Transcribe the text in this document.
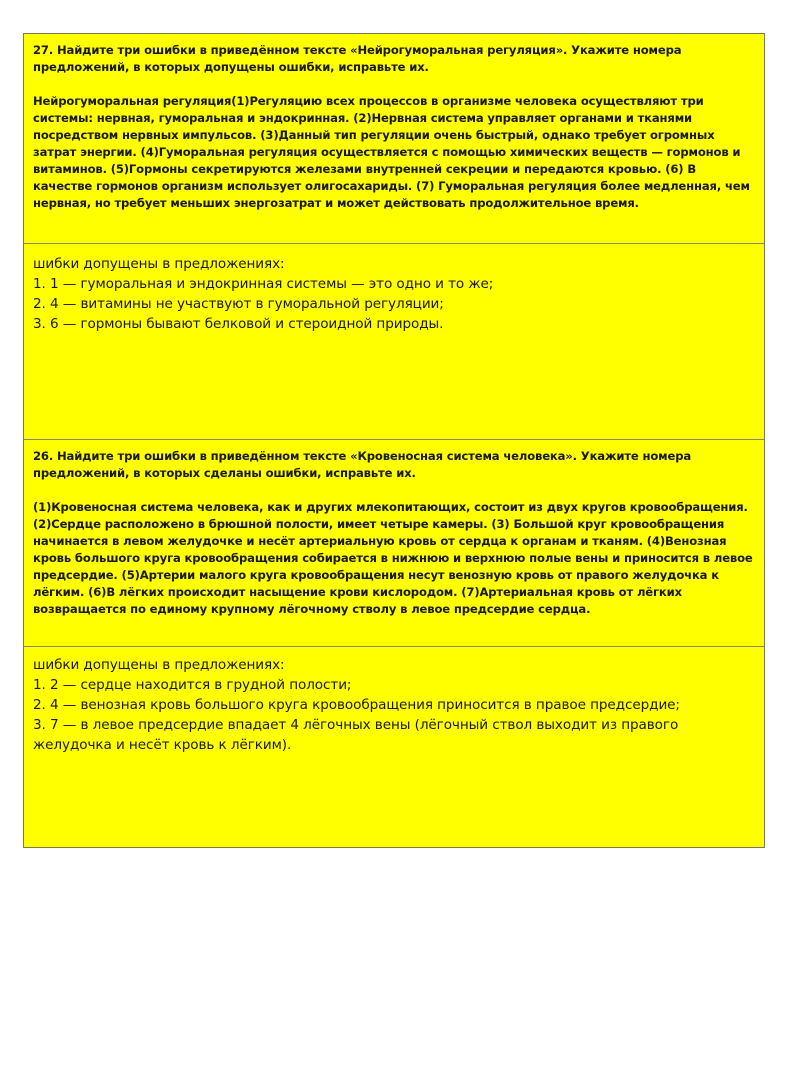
27. Найдите три ошибки в приведённом тексте «Нейрогуморальная регуляция». Укажите номера предложений, в которых допущены ошибки, исправьте их.

Нейрогуморальная регуляция(1)Регуляцию всех процессов в организме человека осуществляют три системы: нервная, гуморальная и эндокринная. (2)Нервная система управляет органами и тканями посредством нервных импульсов. (3)Данный тип регуляции очень быстрый, однако требует огромных затрат энергии. (4)Гуморальная регуляция осуществляется с помощью химических веществ — гормонов и витаминов. (5)Гормоны секретируются железами внутренней секреции и передаются кровью. (6) В качестве гормонов организм использует олигосахариды. (7) Гуморальная регуляция более медленная, чем нервная, но требует меньших энергозатрат и может действовать продолжительное время.

шибки допущены в предложениях:

1. 1 — гуморальная и эндокринная системы — это одно и то же;

2. 4 — витамины не участвуют в гуморальной регуляции;

3. 6 — гормоны бывают белковой и стероидной природы.

26. Найдите три ошибки в приведённом тексте «Кровеносная система человека». Укажите номера предложений, в которых сделаны ошибки, исправьте их.

(1)Кровеносная система человека, как и других млекопитающих, состоит из двух кругов кровообращения. (2)Сердце расположено в брюшной полости, имеет четыре камеры. (3) Большой круг кровообращения начинается в левом желудочке и несёт артериальную кровь от сердца к органам и тканям. (4)Венозная кровь большого круга кровообращения собирается в нижнюю и верхнюю полые вены и приносится в левое предсердие. (5)Артерии малого круга кровообращения несут венозную кровь от правого желудочка к лёгким. (6)В лёгких происходит насыщение крови кислородом. (7)Артериальная кровь от лёгких возвращается по единому крупному лёгочному стволу в левое предсердие сердца.

шибки допущены в предложениях:

1. 2 — сердце находится в грудной полости;

2. 4 — венозная кровь большого круга кровообращения приносится в правое предсердие;

3. 7 — в левое предсердие впадает 4 лёгочных вены (лёгочный ствол выходит из правого желудочка и несёт кровь к лёгким).
